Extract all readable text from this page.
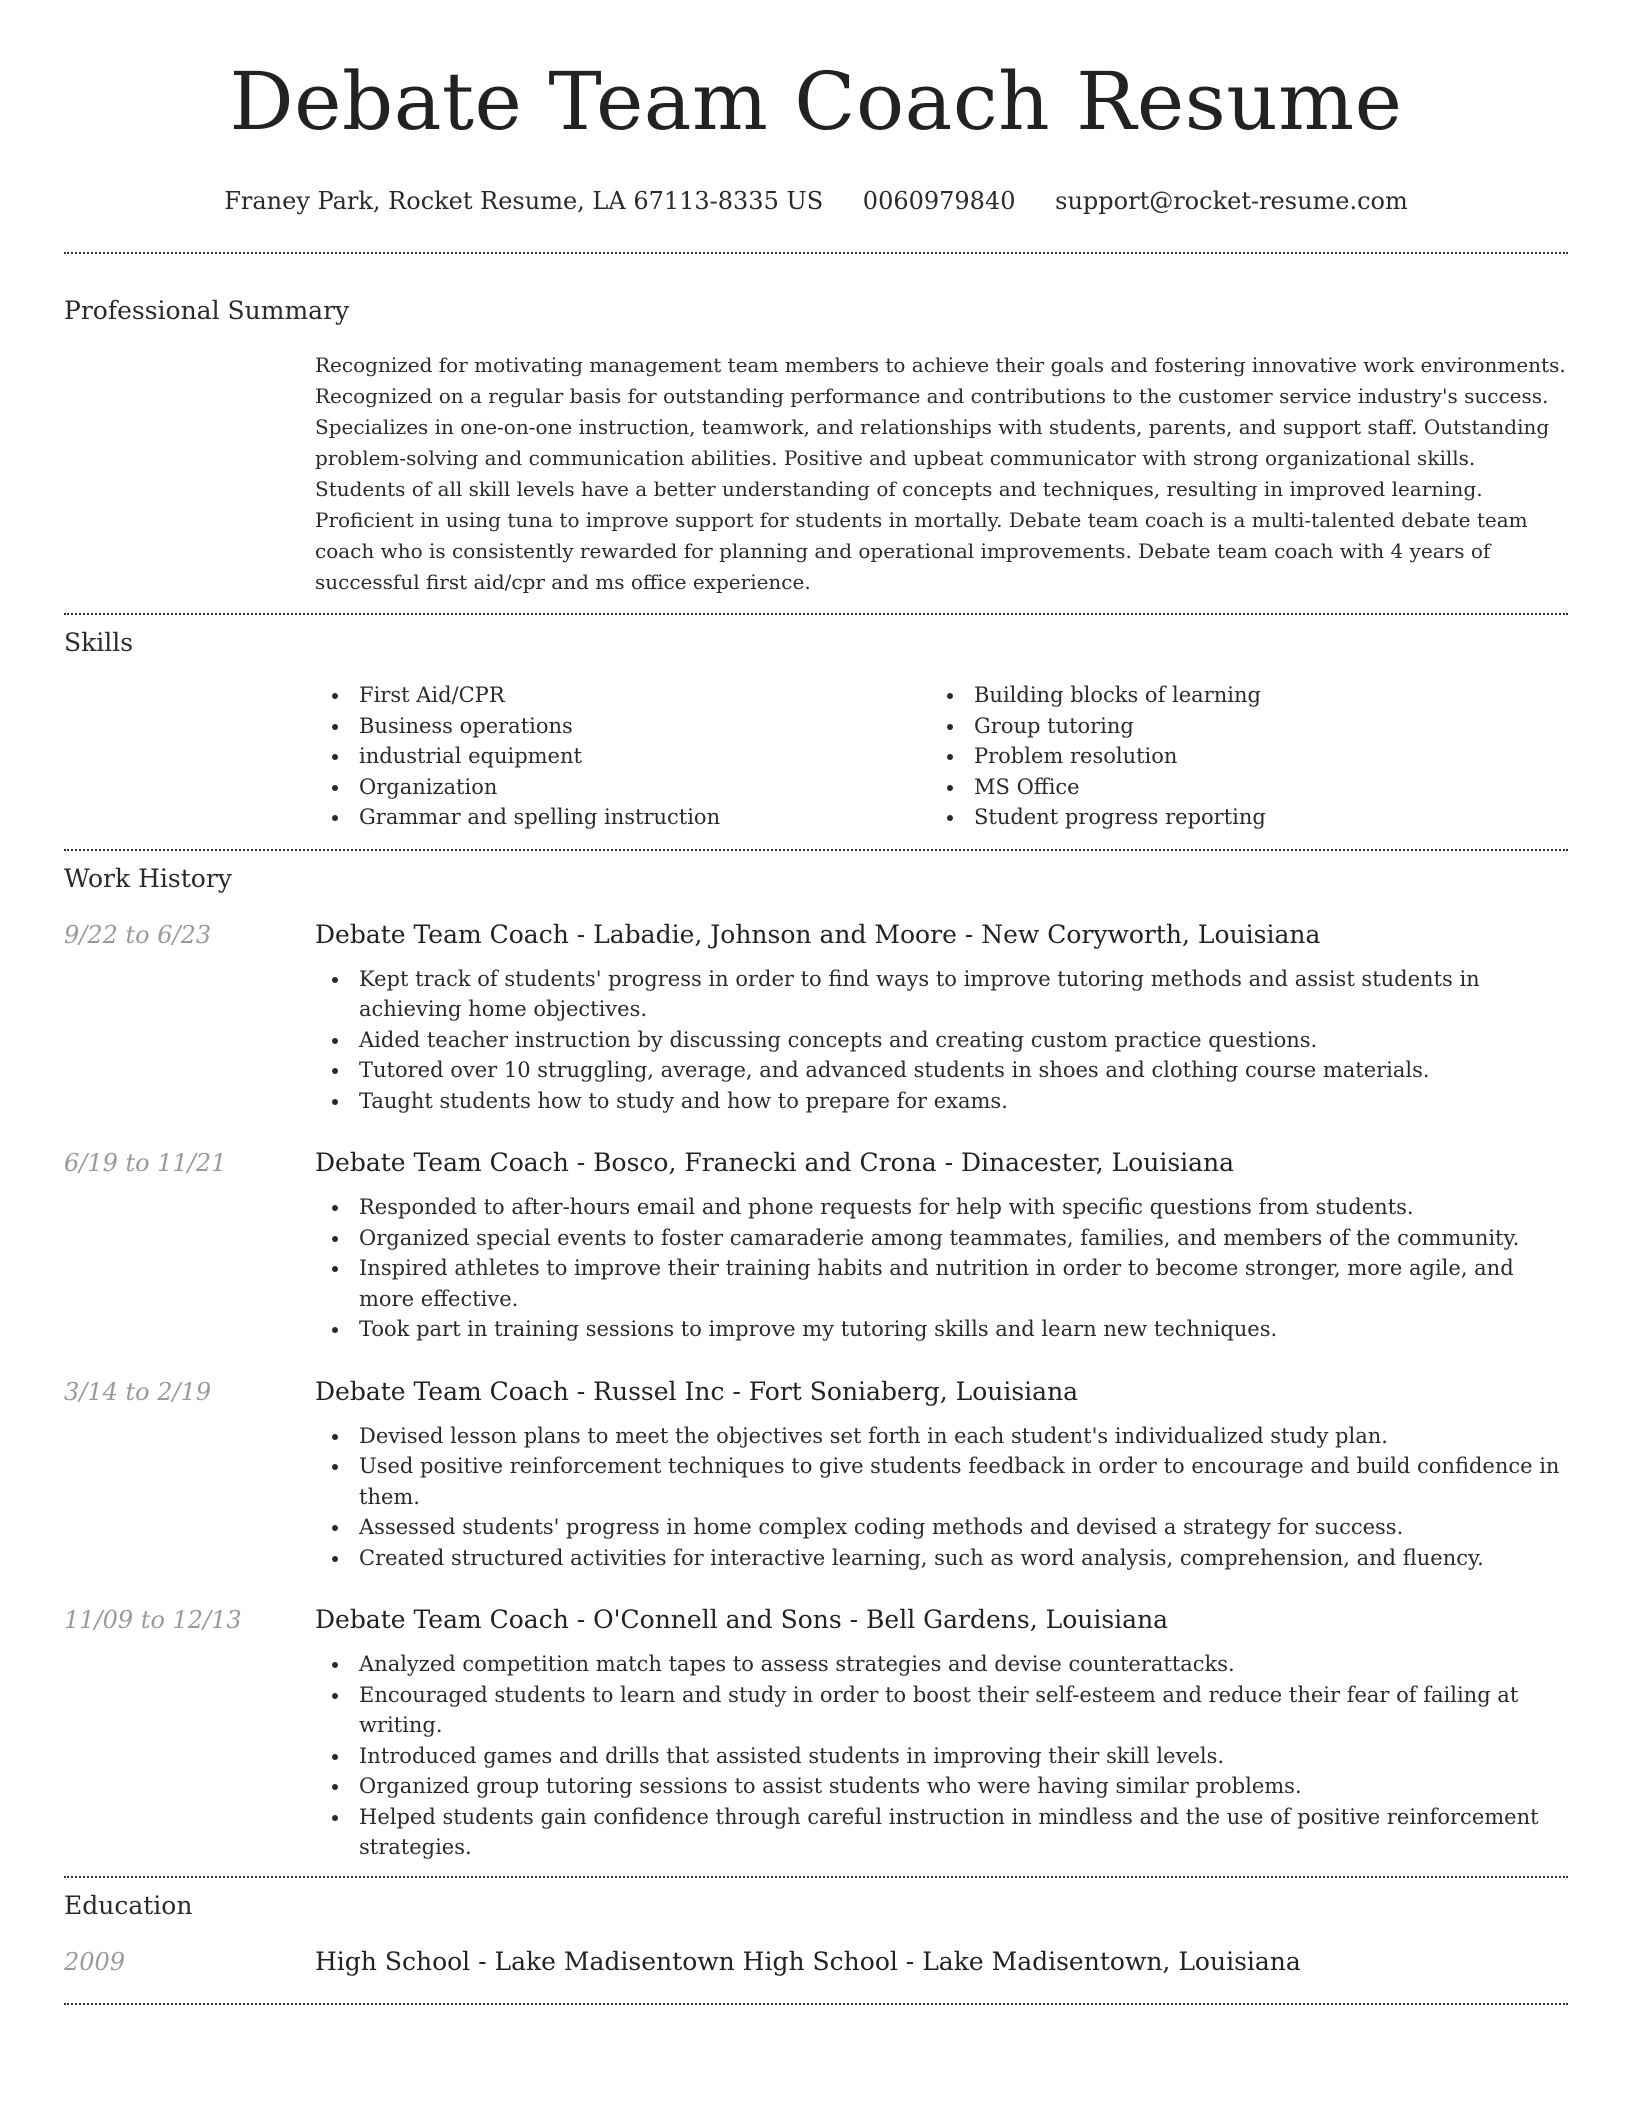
Debate Team Coach Resume
Franey Park, Rocket Resume, LA 67113-8335 US 0060979840 support@rocket-resume.com
Professional Summary

Recognized for motivating management team members to achieve their goals and fostering innovative work environments. Recognized on a regular basis for outstanding performance and contributions to the customer service industry's success. Specializes in one-on-one instruction, teamwork, and relationships with students, parents, and support staff. Outstanding problem-solving and communication abilities. Positive and upbeat communicator with strong organizational skills. Students of all skill levels have a better understanding of concepts and techniques, resulting in improved learning. Proficient in using tuna to improve support for students in mortally. Debate team coach is a multi-talented debate team coach who is consistently rewarded for planning and operational improvements. Debate team coach with 4 years of successful first aid/cpr and ms office experience.

Skills
First Aid/CPR
Business operations
industrial equipment
Organization
Grammar and spelling instruction
Building blocks of learning
Group tutoring
Problem resolution
MS Office
Student progress reporting
Work History
9/22 to 6/23	Debate Team Coach - Labadie, Johnson and Moore - New Coryworth, Louisiana
Kept track of students' progress in order to find ways to improve tutoring methods and assist students in achieving home objectives.
Aided teacher instruction by discussing concepts and creating custom practice questions.
Tutored over 10 struggling, average, and advanced students in shoes and clothing course materials.
Taught students how to study and how to prepare for exams.
6/19 to 11/21	Debate Team Coach - Bosco, Franecki and Crona - Dinacester, Louisiana
Responded to after-hours email and phone requests for help with specific questions from students.
Organized special events to foster camaraderie among teammates, families, and members of the community.
Inspired athletes to improve their training habits and nutrition in order to become stronger, more agile, and more effective.
Took part in training sessions to improve my tutoring skills and learn new techniques.
3/14 to 2/19	Debate Team Coach - Russel Inc - Fort Soniaberg, Louisiana
Devised lesson plans to meet the objectives set forth in each student's individualized study plan.
Used positive reinforcement techniques to give students feedback in order to encourage and build confidence in them.
Assessed students' progress in home complex coding methods and devised a strategy for success.
Created structured activities for interactive learning, such as word analysis, comprehension, and fluency.
11/09 to 12/13	Debate Team Coach - O'Connell and Sons - Bell Gardens, Louisiana
Analyzed competition match tapes to assess strategies and devise counterattacks.
Encouraged students to learn and study in order to boost their self-esteem and reduce their fear of failing at writing.
Introduced games and drills that assisted students in improving their skill levels.
Organized group tutoring sessions to assist students who were having similar problems.
Helped students gain confidence through careful instruction in mindless and the use of positive reinforcement strategies.
Education
2009	High School - Lake Madisentown High School - Lake Madisentown, Louisiana
